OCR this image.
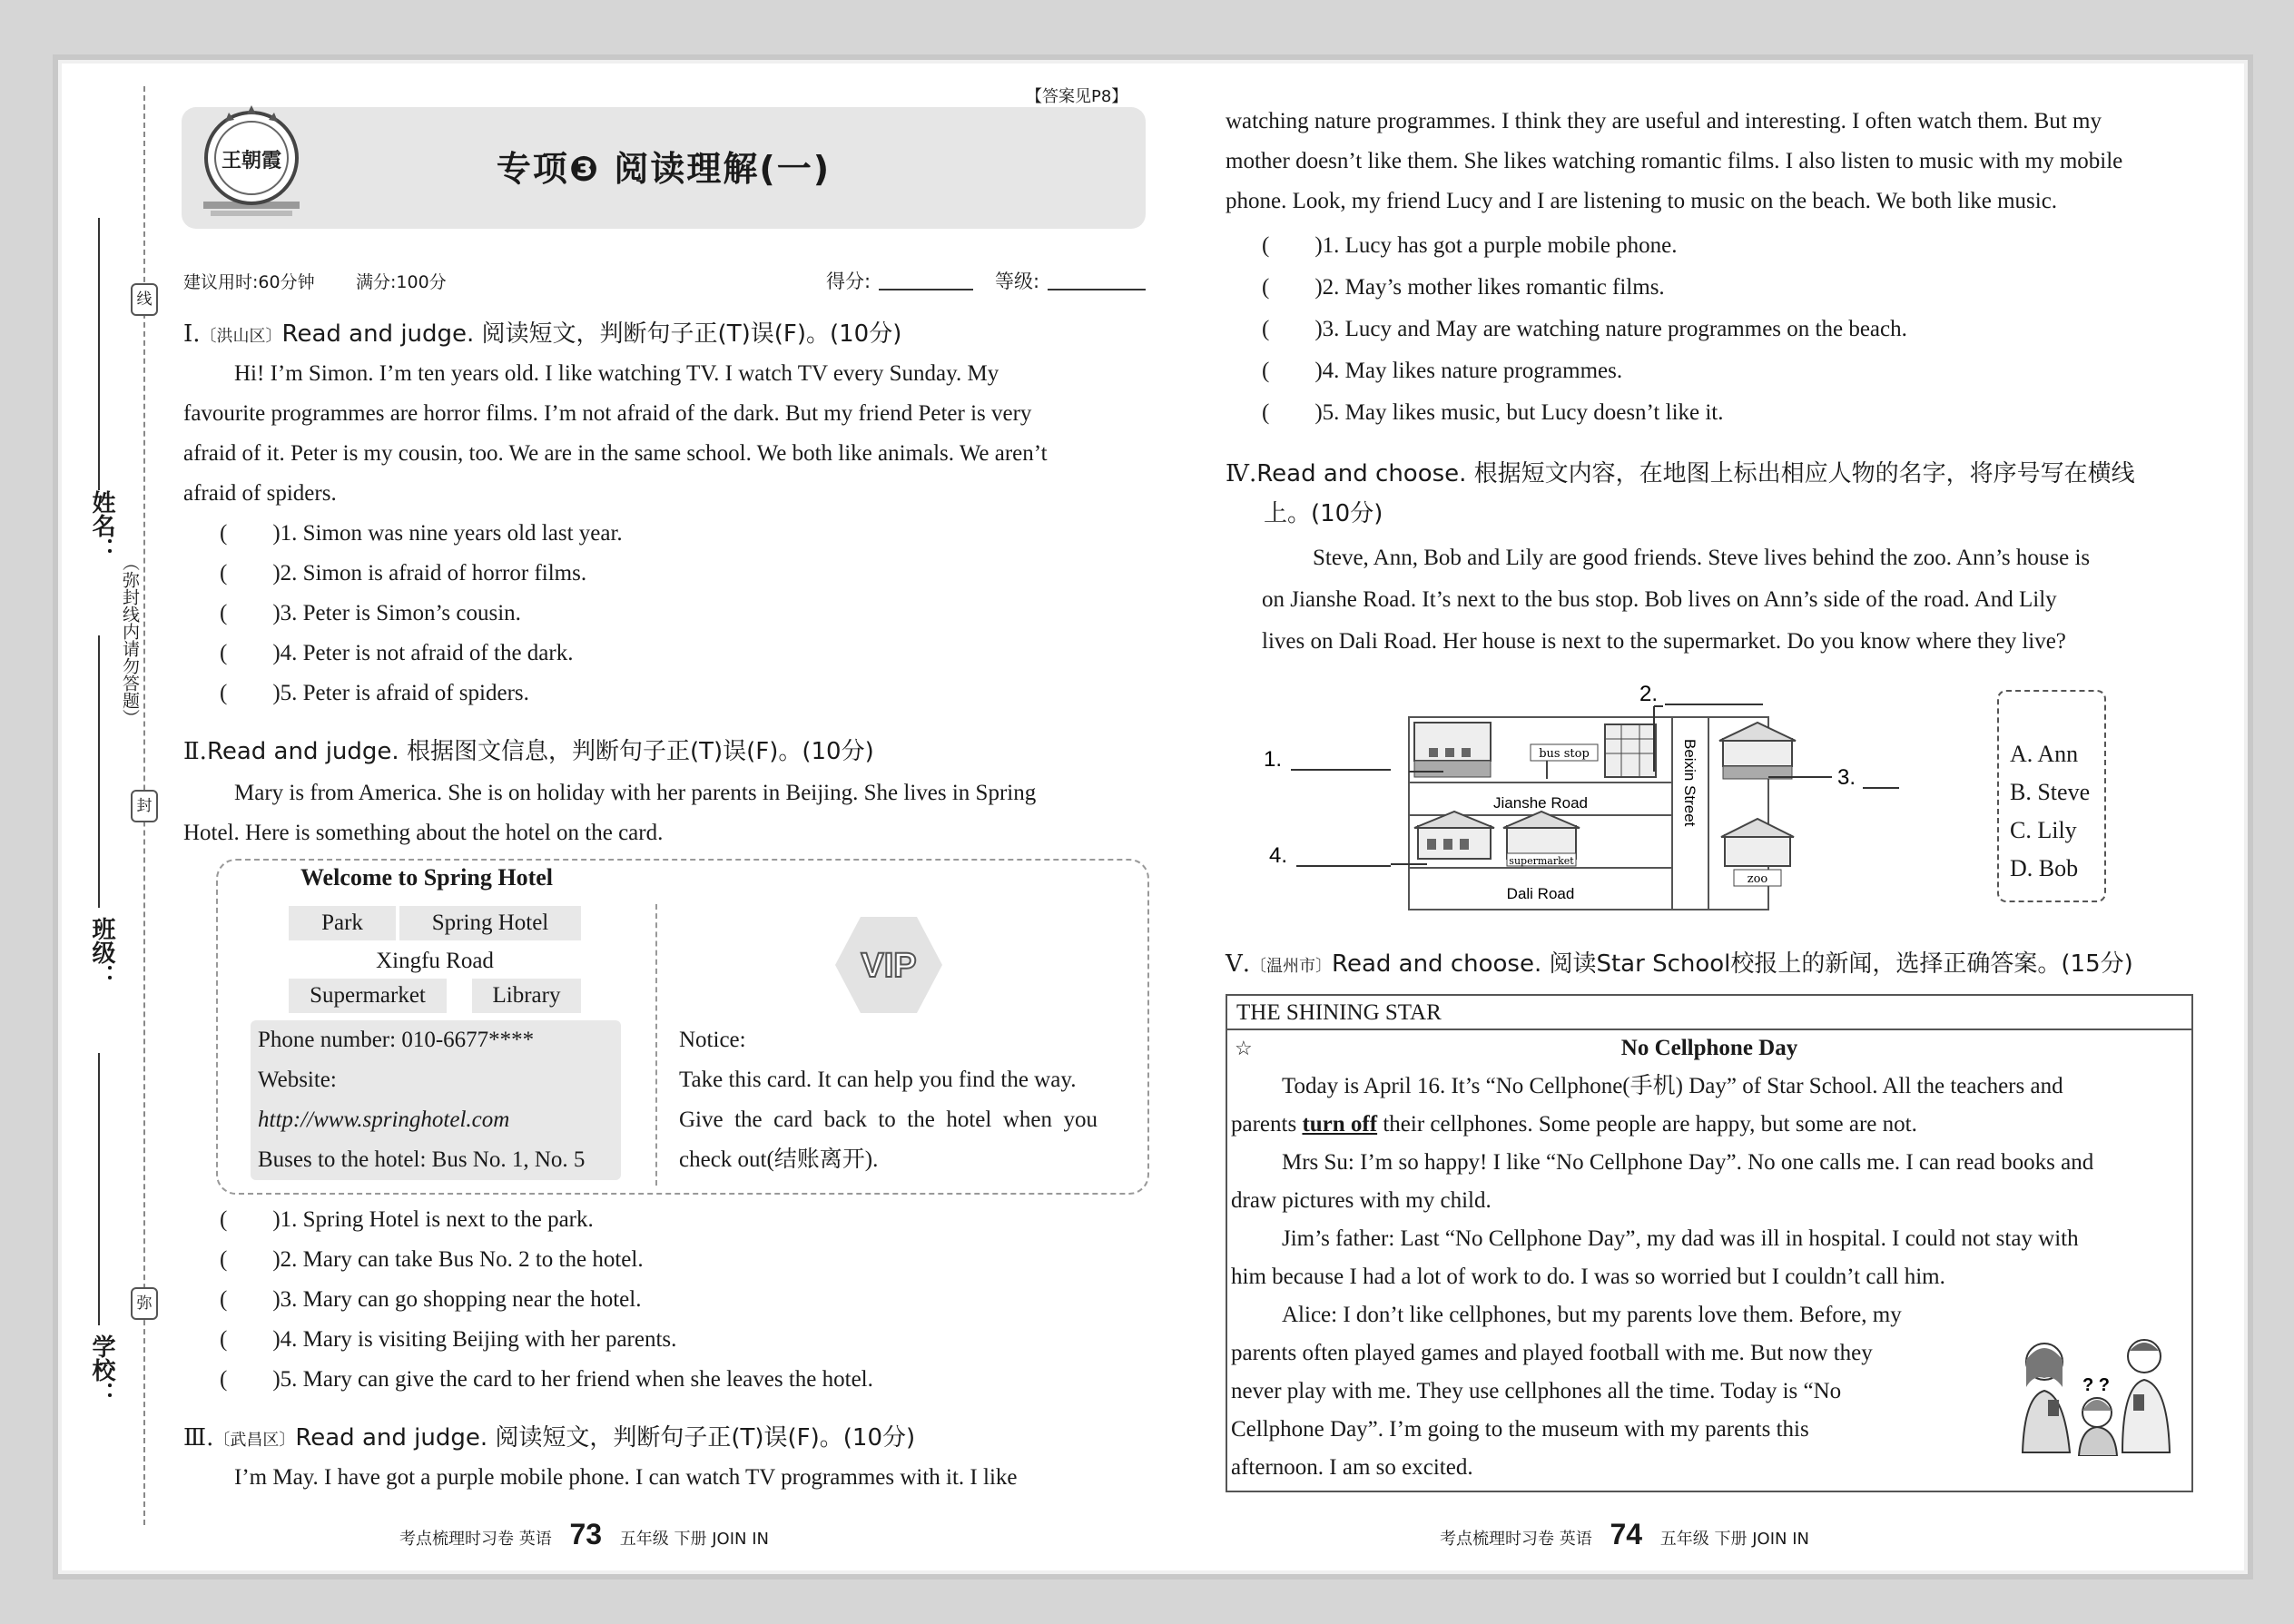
线
封
弥
（弥封线内请勿答题）
姓名：
班级：
学校：
【答案见P8】
王朝霞	专项❸ 阅读理解(一)
建议用时:60分钟 满分:100分	得分:	等级:
Ⅰ.〔洪山区〕Read and judge. 阅读短文，判断句子正(T)误(F)。(10分)

Hi! I’m Simon. I’m ten years old. I like watching TV. I watch TV every Sunday. My

favourite programmes are horror films. I’m not afraid of the dark. But my friend Peter is very

afraid of it. Peter is my cousin, too. We are in the same school. We both like animals. We aren’t

afraid of spiders.

(        )1. Simon was nine years old last year.

(        )2. Simon is afraid of horror films.

(        )3. Peter is Simon’s cousin.

(        )4. Peter is not afraid of the dark.

(        )5. Peter is afraid of spiders.

Ⅱ.Read and judge. 根据图文信息，判断句子正(T)误(F)。(10分)

Mary is from America. She is on holiday with her parents in Beijing. She lives in Spring

Hotel. Here is something about the hotel on the card.

Welcome to Spring Hotel
Park	Spring Hotel
Xingfu Road
Supermarket	Library

Phone number: 010-6677****

Website:

http://www.springhotel.com

Buses to the hotel: Bus No. 1, No. 5

VIP

Notice:

Take this card. It can help you find the way.

Give  the  card  back  to  the  hotel  when  you

check out(结账离开).

(        )1. Spring Hotel is next to the park.

(        )2. Mary can take Bus No. 2 to the hotel.

(        )3. Mary can go shopping near the hotel.

(        )4. Mary is visiting Beijing with her parents.

(        )5. Mary can give the card to her friend when she leaves the hotel.

Ⅲ.〔武昌区〕Read and judge. 阅读短文，判断句子正(T)误(F)。(10分)

I’m May. I have got a purple mobile phone. I can watch TV programmes with it. I like

考点梳理时习卷 英语 73 五年级 下册 JOIN IN

watching nature programmes. I think they are useful and interesting. I often watch them. But my

mother doesn’t like them. She likes watching romantic films. I also listen to music with my mobile

phone. Look, my friend Lucy and I are listening to music on the beach. We both like music.

(        )1. Lucy has got a purple mobile phone.

(        )2. May’s mother likes romantic films.

(        )3. Lucy and May are watching nature programmes on the beach.

(        )4. May likes nature programmes.

(        )5. May likes music, but Lucy doesn’t like it.

Ⅳ.Read and choose. 根据短文内容，在地图上标出相应人物的名字，将序号写在横线

上。(10分)

Steve, Ann, Bob and Lily are good friends. Steve lives behind the zoo. Ann’s house is

on Jianshe Road. It’s next to the bus stop. Bob lives on Ann’s side of the road. And Lily

lives on Dali Road. Her house is next to the supermarket. Do you know where they live?

bus stop
Jianshe Road
supermarket
Dali Road
Beixin Street
zoo
1.
2.
3.
4.

A. Ann

B. Steve

C. Lily

D. Bob

Ⅴ.〔温州市〕Read and choose. 阅读Star School校报上的新闻，选择正确答案。(15分)
THE SHINING STAR
☆	No Cellphone Day

Today is April 16. It’s “No Cellphone(手机) Day” of Star School. All the teachers and

parents turn off their cellphones. Some people are happy, but some are not.

Mrs Su: I’m so happy! I like “No Cellphone Day”. No one calls me. I can read books and

draw pictures with my child.

Jim’s father: Last “No Cellphone Day”, my dad was ill in hospital. I could not stay with

him because I had a lot of work to do. I was so worried but I couldn’t call him.

Alice: I don’t like cellphones, but my parents love them. Before, my

parents often played games and played football with me. But now they

never play with me. They use cellphones all the time. Today is “No

Cellphone Day”. I’m going to the museum with my parents this

afternoon. I am so excited.

? ?
考点梳理时习卷 英语 74 五年级 下册 JOIN IN
